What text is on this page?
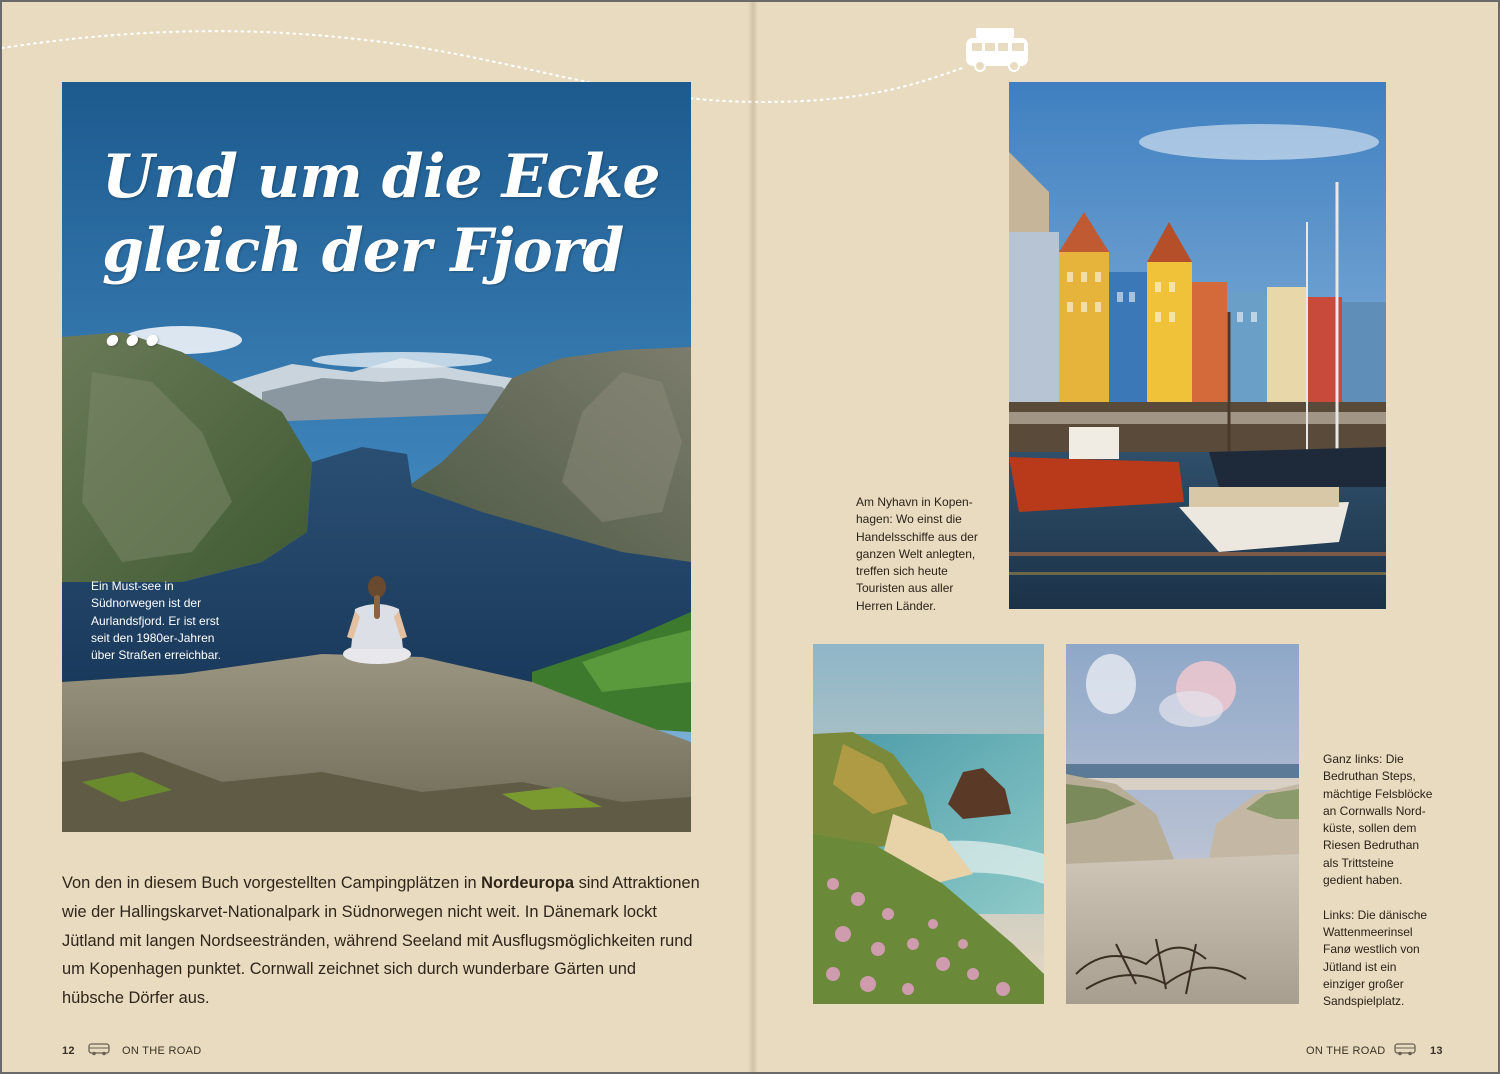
Und um die Ecke
gleich der Fjord ...
Ein Must-see in
Südnorwegen ist der
Aurlandsfjord. Er ist erst
seit den 1980er-Jahren
über Straßen erreichbar.

Von den in diesem Buch vorgestellten Campingplätzen in Nordeuropa sind Attraktionen wie der Hallingskarvet-Nationalpark in Südnorwegen nicht weit. In Dänemark lockt Jütland mit langen Nordseestränden, während Seeland mit Ausflugsmöglichkeiten rund um Kopenhagen punktet. Cornwall zeichnet sich durch wunderbare Gärten und hübsche Dörfer aus.

12	ON THE ROAD
Am Nyhavn in Kopen-
hagen: Wo einst die
Handelsschiffe aus der
ganzen Welt anlegten,
treffen sich heute
Touristen aus aller
Herren Länder.
Ganz links: Die
Bedruthan Steps,
mächtige Felsblöcke
an Cornwalls Nord-
küste, sollen dem
Riesen Bedruthan
als Trittsteine
gedient haben.
Links: Die dänische
Wattenmeerinsel
Fanø westlich von
Jütland ist ein
einziger großer
Sandspielplatz.
ON THE ROAD	13
